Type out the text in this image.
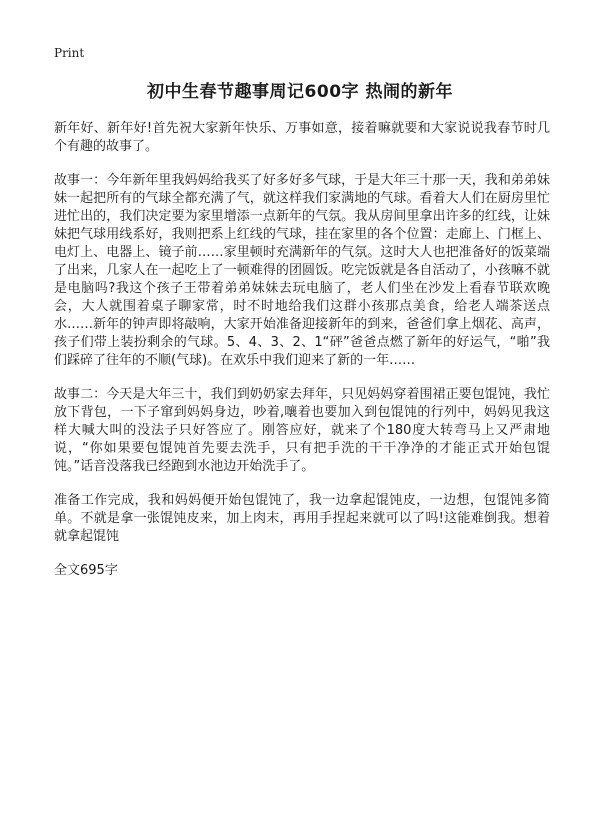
Print
初中生春节趣事周记600字 热闹的新年

新年好、新年好!首先祝大家新年快乐、万事如意，接着嘛就要和大家说说我春节时几个有趣的故事了。

故事一：今年新年里我妈妈给我买了好多好多气球，于是大年三十那一天，我和弟弟妹妹一起把所有的气球全都充满了气，就这样我们家满地的气球。看着大人们在厨房里忙进忙出的，我们决定要为家里增添一点新年的气氛。我从房间里拿出许多的红线，让妹妹把气球用线系好，我则把系上红线的气球，挂在家里的各个位置：走廊上、门框上、电灯上、电器上、镜子前……家里顿时充满新年的气氛。这时大人也把准备好的饭菜端了出来，几家人在一起吃上了一顿难得的团圆饭。吃完饭就是各自活动了，小孩嘛不就是电脑吗?我这个孩子王带着弟弟妹妹去玩电脑了，老人们坐在沙发上看春节联欢晚会，大人就围着桌子聊家常，时不时地给我们这群小孩那点美食，给老人端茶送点水……新年的钟声即将敲响，大家开始准备迎接新年的到来，爸爸们拿上烟花、高声，孩子们带上装扮剩余的气球。5、4、3、2、1“砰”爸爸点燃了新年的好运气，“啪”我们踩碎了往年的不顺(气球)。在欢乐中我们迎来了新的一年……

故事二：今天是大年三十，我们到奶奶家去拜年，只见妈妈穿着围裙正要包馄饨，我忙放下背包，一下子窜到妈妈身边，吵着,嚷着也要加入到包馄饨的行列中，妈妈见我这样大喊大叫的没法子只好答应了。刚答应好，就来了个180度大转弯马上又严肃地说，“你如果要包馄饨首先要去洗手，只有把手洗的干干净净的才能正式开始包馄饨。”话音没落我已经跑到水池边开始洗手了。

准备工作完成，我和妈妈便开始包馄饨了，我一边拿起馄饨皮，一边想，包馄饨多简单。不就是拿一张馄饨皮来，加上肉末，再用手捏起来就可以了吗!这能难倒我。想着就拿起馄饨

全文695字
